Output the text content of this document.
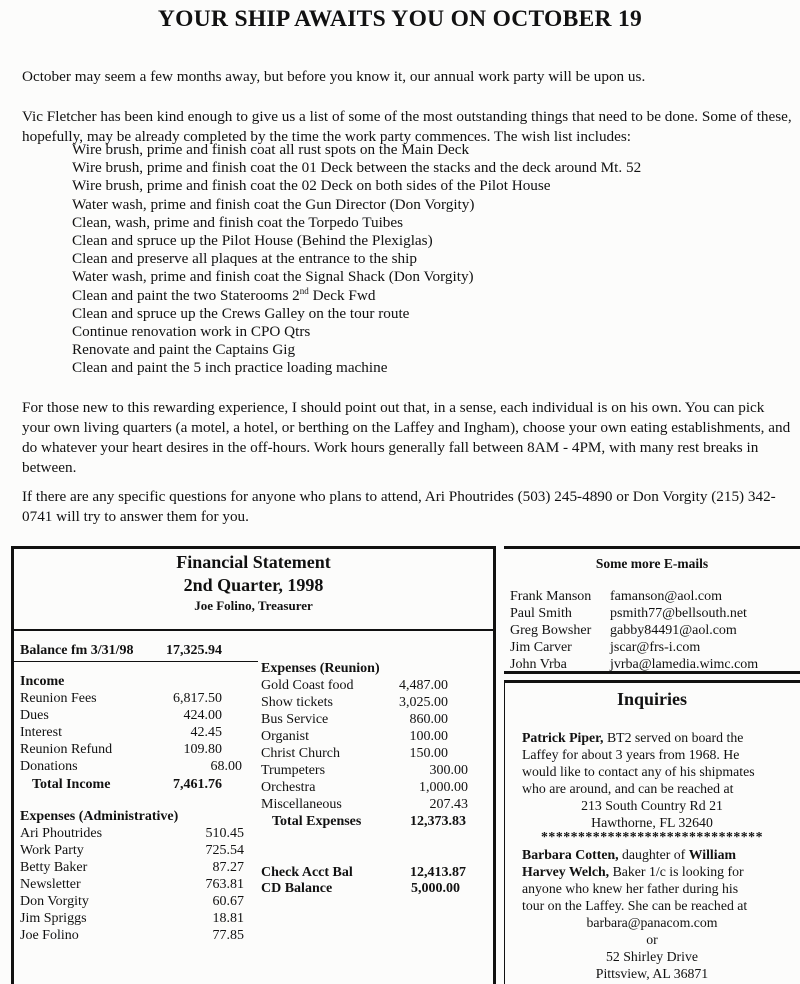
YOUR SHIP AWAITS YOU ON OCTOBER 19
October may seem a few months away, but before you know it, our annual work party will be upon us.
Vic Fletcher has been kind enough to give us a list of some of the most outstanding things that need to be done. Some of these, hopefully, may be already completed by the time the work party commences. The wish list includes:
Wire brush, prime and finish coat all rust spots on the Main Deck
Wire brush, prime and finish coat the 01 Deck between the stacks and the deck around Mt. 52
Wire brush, prime and finish coat the 02 Deck on both sides of the Pilot House
Water wash, prime and finish coat the Gun Director (Don Vorgity)
Clean, wash, prime and finish coat the Torpedo Tuibes
Clean and spruce up the Pilot House (Behind the Plexiglas)
Clean and preserve all plaques at the entrance to the ship
Water wash, prime and finish coat the Signal Shack (Don Vorgity)
Clean and paint the two Staterooms 2nd Deck Fwd
Clean and spruce up the Crews Galley on the tour route
Continue renovation work in CPO Qtrs
Renovate and paint the Captains Gig
Clean and paint the 5 inch practice loading machine
For those new to this rewarding experience, I should point out that, in a sense, each individual is on his own. You can pick your own living quarters (a motel, a hotel, or berthing on the Laffey and Ingham), choose your own eating establishments, and do whatever your heart desires in the off-hours. Work hours generally fall between 8AM - 4PM, with many rest breaks in between.
If there are any specific questions for anyone who plans to attend, Ari Phoutrides (503) 245-4890 or Don Vorgity (215) 342-0741 will try to answer them for you.
Financial Statement
2nd Quarter, 1998
Joe Folino, Treasurer
Balance fm 3/31/98	17,325.94
Income
Reunion Fees	6,817.50
Dues	424.00
Interest	42.45
Reunion Refund	109.80
Donations	68.00
Total Income	7,461.76
Expenses (Administrative)
Ari Phoutrides	510.45
Work Party	725.54
Betty Baker	87.27
Newsletter	763.81
Don Vorgity	60.67
Jim Spriggs	18.81
Joe Folino	77.85
Expenses (Reunion)
Gold Coast food	4,487.00
Show tickets	3,025.00
Bus Service	860.00
Organist	100.00
Christ Church	150.00
Trumpeters	300.00
Orchestra	1,000.00
Miscellaneous	207.43
Total Expenses	12,373.83
Check Acct Bal	12,413.87
CD Balance	5,000.00
Some more E-mails
Frank Manson famanson@aol.com
Paul Smith	psmith77@bellsouth.net
Greg Bowsher gabby84491@aol.com
Jim Carver	jscar@frs-i.com
John Vrba	jvrba@lamedia.wimc.com
Inquiries
Patrick Piper, BT2 served on board the
Laffey for about 3 years from 1968. He
would like to contact any of his shipmates
who are around, and can be reached at
213 South Country Rd 21
Hawthorne, FL 32640
******************************
Barbara Cotten, daughter of William
Harvey Welch, Baker 1/c is looking for
anyone who knew her father during his
tour on the Laffey. She can be reached at
barbara@panacom.com
or
52 Shirley Drive
Pittsview, AL 36871
